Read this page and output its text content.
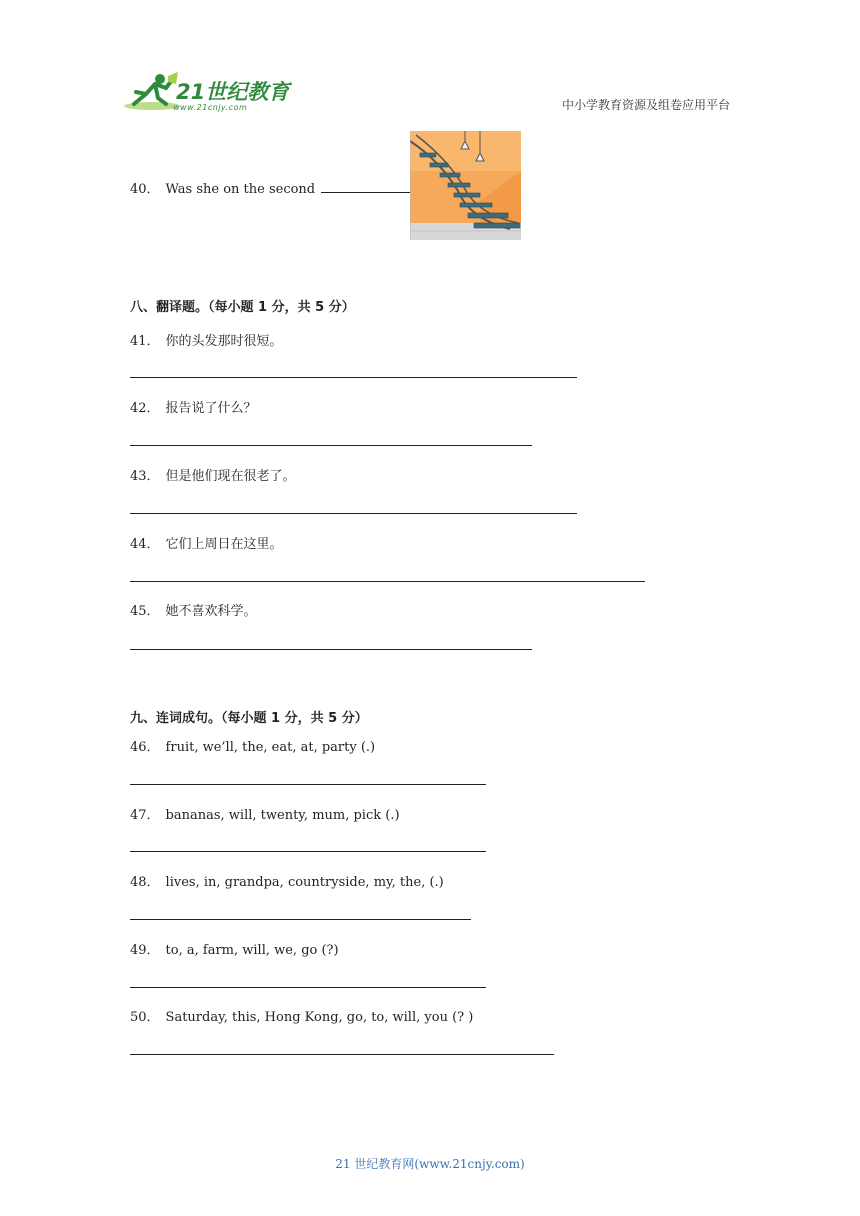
21世纪教育
www.21cnjy.com	中小学教育资源及组卷应用平台
40． Was she on the second
八、翻译题。（每小题 1 分，共 5 分）
41． 你的头发那时很短。
42． 报告说了什么？
43． 但是他们现在很老了。
44． 它们上周日在这里。
45． 她不喜欢科学。
九、连词成句。（每小题 1 分，共 5 分）
46． fruit, we’ll, the, eat, at, party (.)
47． bananas, will, twenty, mum, pick (.)
48． lives, in, grandpa, countryside, my, the, (.)
49． to, a, farm, will, we, go (?)
50． Saturday, this, Hong Kong, go, to, will, you (? )
21 世纪教育网(www.21cnjy.com)
